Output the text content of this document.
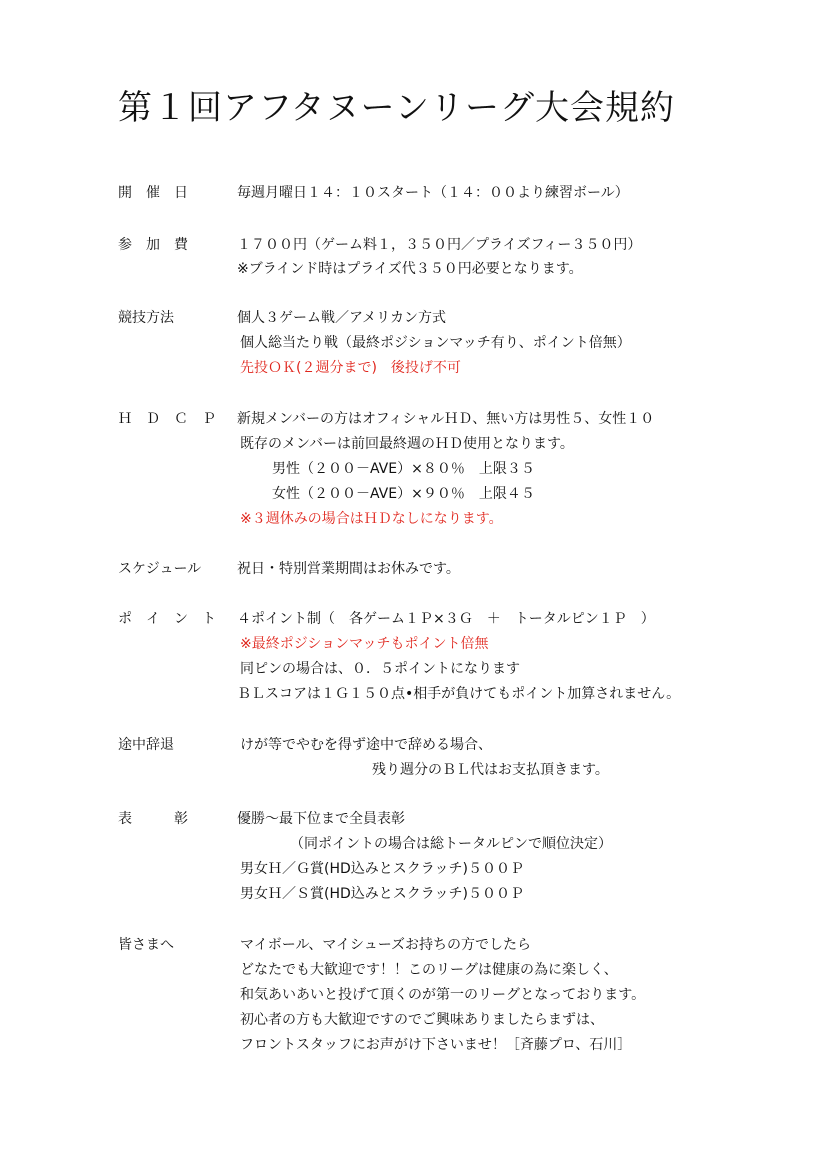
第１回アフタヌーンリーグ大会規約
開　催　日	毎週月曜日１４：１０スタート（１４：００より練習ボール）
参　加　費	１７００円（ゲーム料１，３５０円／プライズフィー３５０円）
※ブラインド時はプライズ代３５０円必要となります。
競技方法	個人３ゲーム戦／アメリカン方式
個人総当たり戦（最終ポジションマッチ有り、ポイント倍無）
先投ＯＫ(２週分まで)　後投げ不可
Ｈ　Ｄ　Ｃ　Ｐ 新規メンバーの方はオフィシャルＨＤ、無い方は男性５、女性１０
既存のメンバーは前回最終週のＨＤ使用となります。
男性（２００－AVE）×８０％　上限３５
女性（２００－AVE）×９０％　上限４５
※３週休みの場合はＨＤなしになります。
スケジュール	祝日・特別営業期間はお休みです。
ポ　イ　ン　ト ４ポイント制（　各ゲーム１Ｐ×３Ｇ　＋　トータルピン１Ｐ　）
※最終ポジションマッチもポイント倍無
同ピンの場合は、０．５ポイントになります
ＢＬスコアは１Ｇ１５０点•相手が負けてもポイント加算されません。
途中辞退	けが等でやむを得ず途中で辞める場合、
残り週分のＢＬ代はお支払頂きます。
表　　　彰	優勝～最下位まで全員表彰
（同ポイントの場合は総トータルピンで順位決定）
男女Ｈ／Ｇ賞(HD込みとスクラッチ)５００Ｐ
男女Ｈ／Ｓ賞(HD込みとスクラッチ)５００Ｐ
皆さまへ	マイボール、マイシューズお持ちの方でしたら
どなたでも大歓迎です！！このリーグは健康の為に楽しく、
和気あいあいと投げて頂くのが第一のリーグとなっております。
初心者の方も大歓迎ですのでご興味ありましたらまずは、
フロントスタッフにお声がけ下さいませ！［斉藤プロ、石川］
